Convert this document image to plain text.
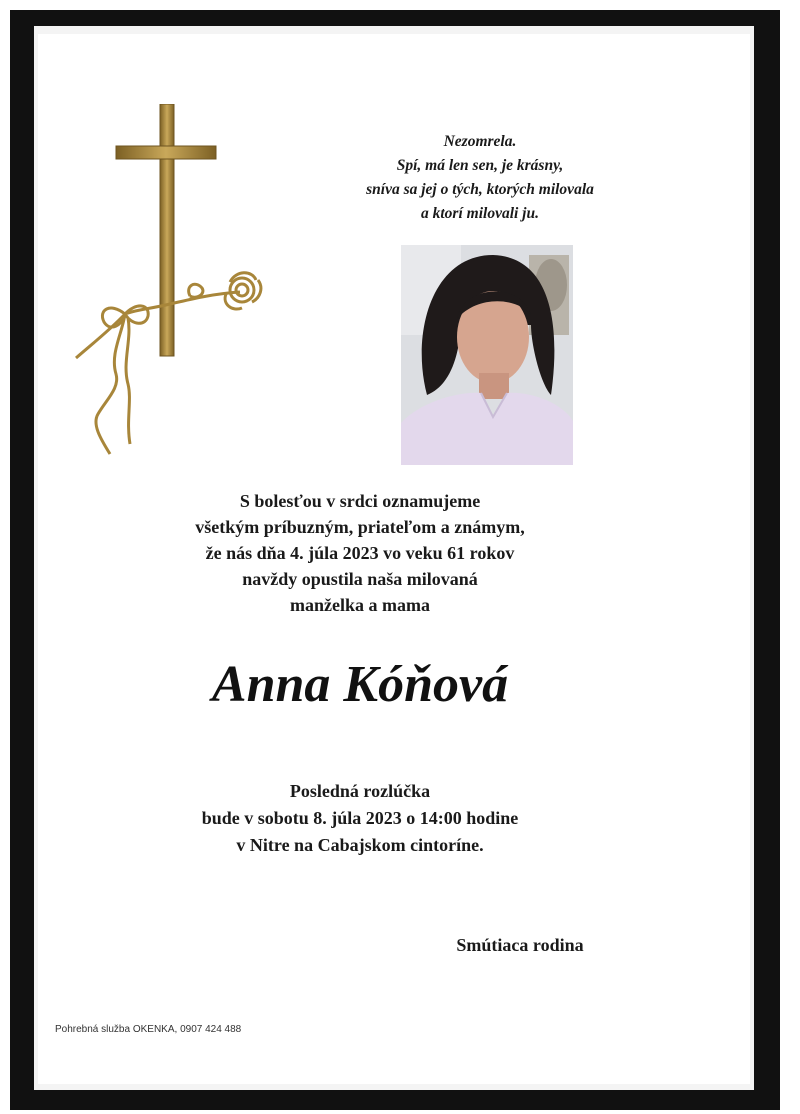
Nezomrela.
Spí, má len sen, je krásny,
sníva sa jej o tých, ktorých milovala
a ktorí milovali ju.
S bolesťou v srdci oznamujeme
všetkým príbuzným, priateľom a známym,
že nás dňa 4. júla 2023 vo veku 61 rokov
navždy opustila naša milovaná
manželka a mama
Anna Kóňová
Posledná rozlúčka
bude v sobotu 8. júla 2023 o 14:00 hodine
v Nitre na Cabajskom cintoríne.
Smútiaca rodina
Pohrebná služba OKENKA, 0907 424 488
